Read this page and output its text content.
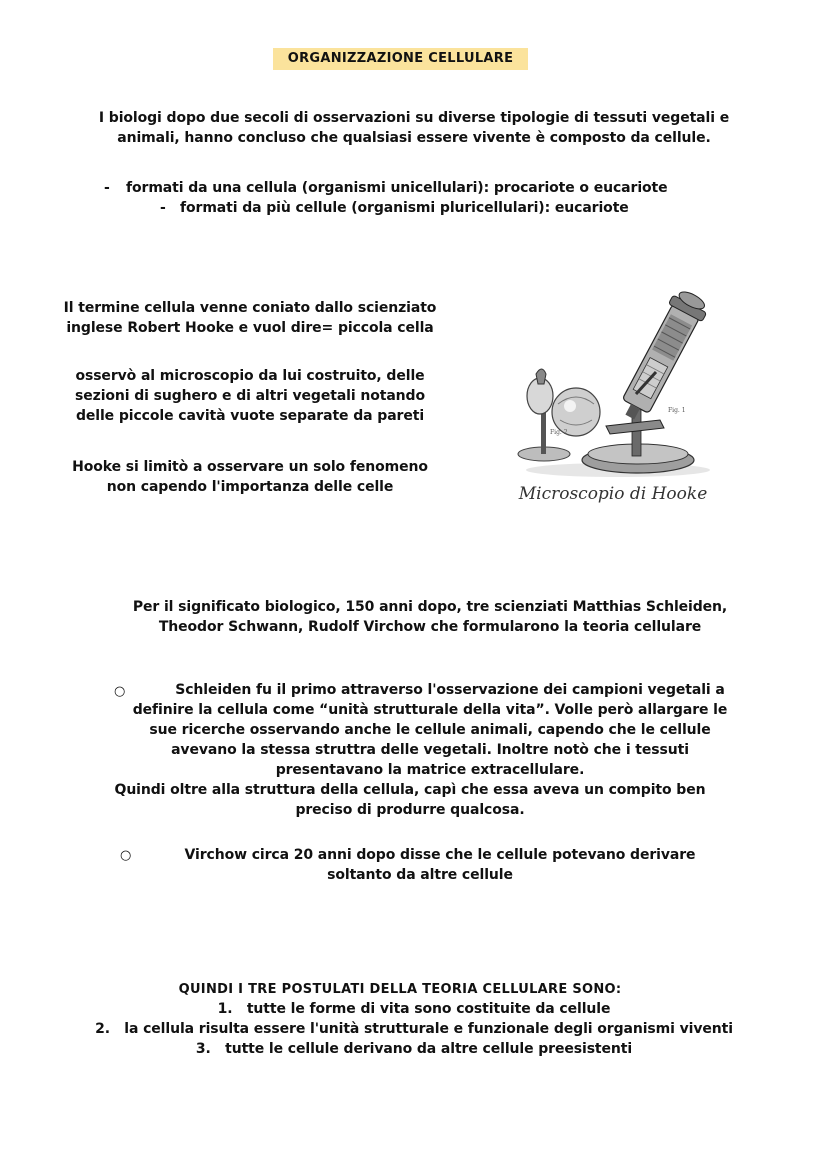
ORGANIZZAZIONE CELLULARE
I biologi dopo due secoli di osservazioni su diverse tipologie di tessuti vegetali e
animali, hanno concluso che qualsiasi essere vivente è composto da cellule.
- formati da una cellula (organismi unicellulari): procariote o eucariote
- formati da più cellule (organismi pluricellulari): eucariote
Il termine cellula venne coniato dallo scienziato
inglese Robert Hooke e vuol dire= piccola cella
osservò al microscopio da lui costruito, delle
sezioni di sughero e di altri vegetali notando
delle piccole cavità vuote separate da pareti
Hooke si limitò a osservare un solo fenomeno
non capendo l'importanza delle celle
Fig. 2
Fig. 1
Microscopio di Hooke
Per il significato biologico, 150 anni dopo, tre scienziati Matthias Schleiden,
Theodor Schwann, Rudolf Virchow che formularono la teoria cellulare
○	Schleiden fu il primo attraverso l'osservazione dei campioni vegetali a
definire la cellula come “unità strutturale della vita”. Volle però allargare le
sue ricerche osservando anche le cellule animali, capendo che le cellule
avevano la stessa struttra delle vegetali. Inoltre notò che i tessuti
presentavano la matrice extracellulare.
Quindi oltre alla struttura della cellula, capì che essa aveva un compito ben
preciso di produrre qualcosa.
○	Virchow circa 20 anni dopo disse che le cellule potevano derivare
soltanto da altre cellule
QUINDI I TRE POSTULATI DELLA TEORIA CELLULARE SONO:
1. tutte le forme di vita sono costituite da cellule
2. la cellula risulta essere l'unità strutturale e funzionale degli organismi viventi
3. tutte le cellule derivano da altre cellule preesistenti
